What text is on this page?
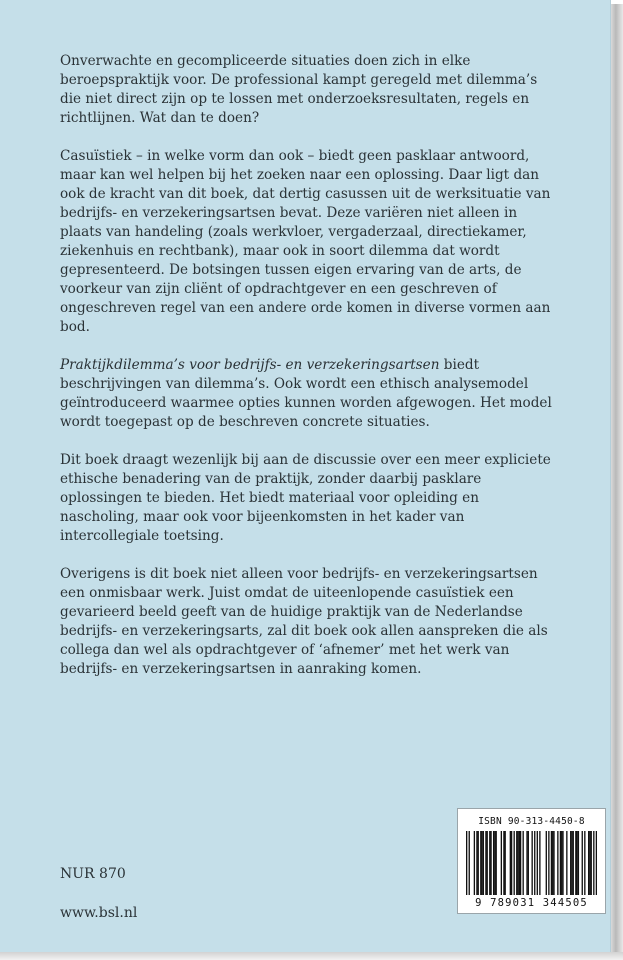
Onverwachte en gecompliceerde situaties doen zich in elke beroepspraktijk voor. De professional kampt geregeld met dilemma’s die niet direct zijn op te lossen met onderzoeksresultaten, regels en richtlijnen. Wat dan te doen?

Casuïstiek – in welke vorm dan ook – biedt geen pasklaar antwoord, maar kan wel helpen bij het zoeken naar een oplossing. Daar ligt dan ook de kracht van dit boek, dat dertig casussen uit de werksituatie van bedrijfs- en verzekeringsartsen bevat. Deze variëren niet alleen in plaats van handeling (zoals werkvloer, vergaderzaal, directiekamer, ziekenhuis en rechtbank), maar ook in soort dilemma dat wordt gepresenteerd. De botsingen tussen eigen ervaring van de arts, de voorkeur van zijn cliënt of opdrachtgever en een geschreven of ongeschreven regel van een andere orde komen in diverse vormen aan bod.

Praktijkdilemma’s voor bedrijfs- en verzekeringsartsen biedt beschrijvingen van dilemma’s. Ook wordt een ethisch analysemodel geïntroduceerd waarmee opties kunnen worden afgewogen. Het model wordt toegepast op de beschreven concrete situaties.

Dit boek draagt wezenlijk bij aan de discussie over een meer expliciete ethische benadering van de praktijk, zonder daarbij pasklare oplossingen te bieden. Het biedt materiaal voor opleiding en nascholing, maar ook voor bijeenkomsten in het kader van intercollegiale toetsing.

Overigens is dit boek niet alleen voor bedrijfs- en verzekeringsartsen een onmisbaar werk. Juist omdat de uiteenlopende casuïstiek een gevarieerd beeld geeft van de huidige praktijk van de Nederlandse bedrijfs- en verzekeringsarts, zal dit boek ook allen aanspreken die als collega dan wel als opdrachtgever of ‘afnemer’ met het werk van bedrijfs- en verzekeringsartsen in aanraking komen.

NUR 870
www.bsl.nl
ISBN 90-313-4450-8
9 789031 344505
